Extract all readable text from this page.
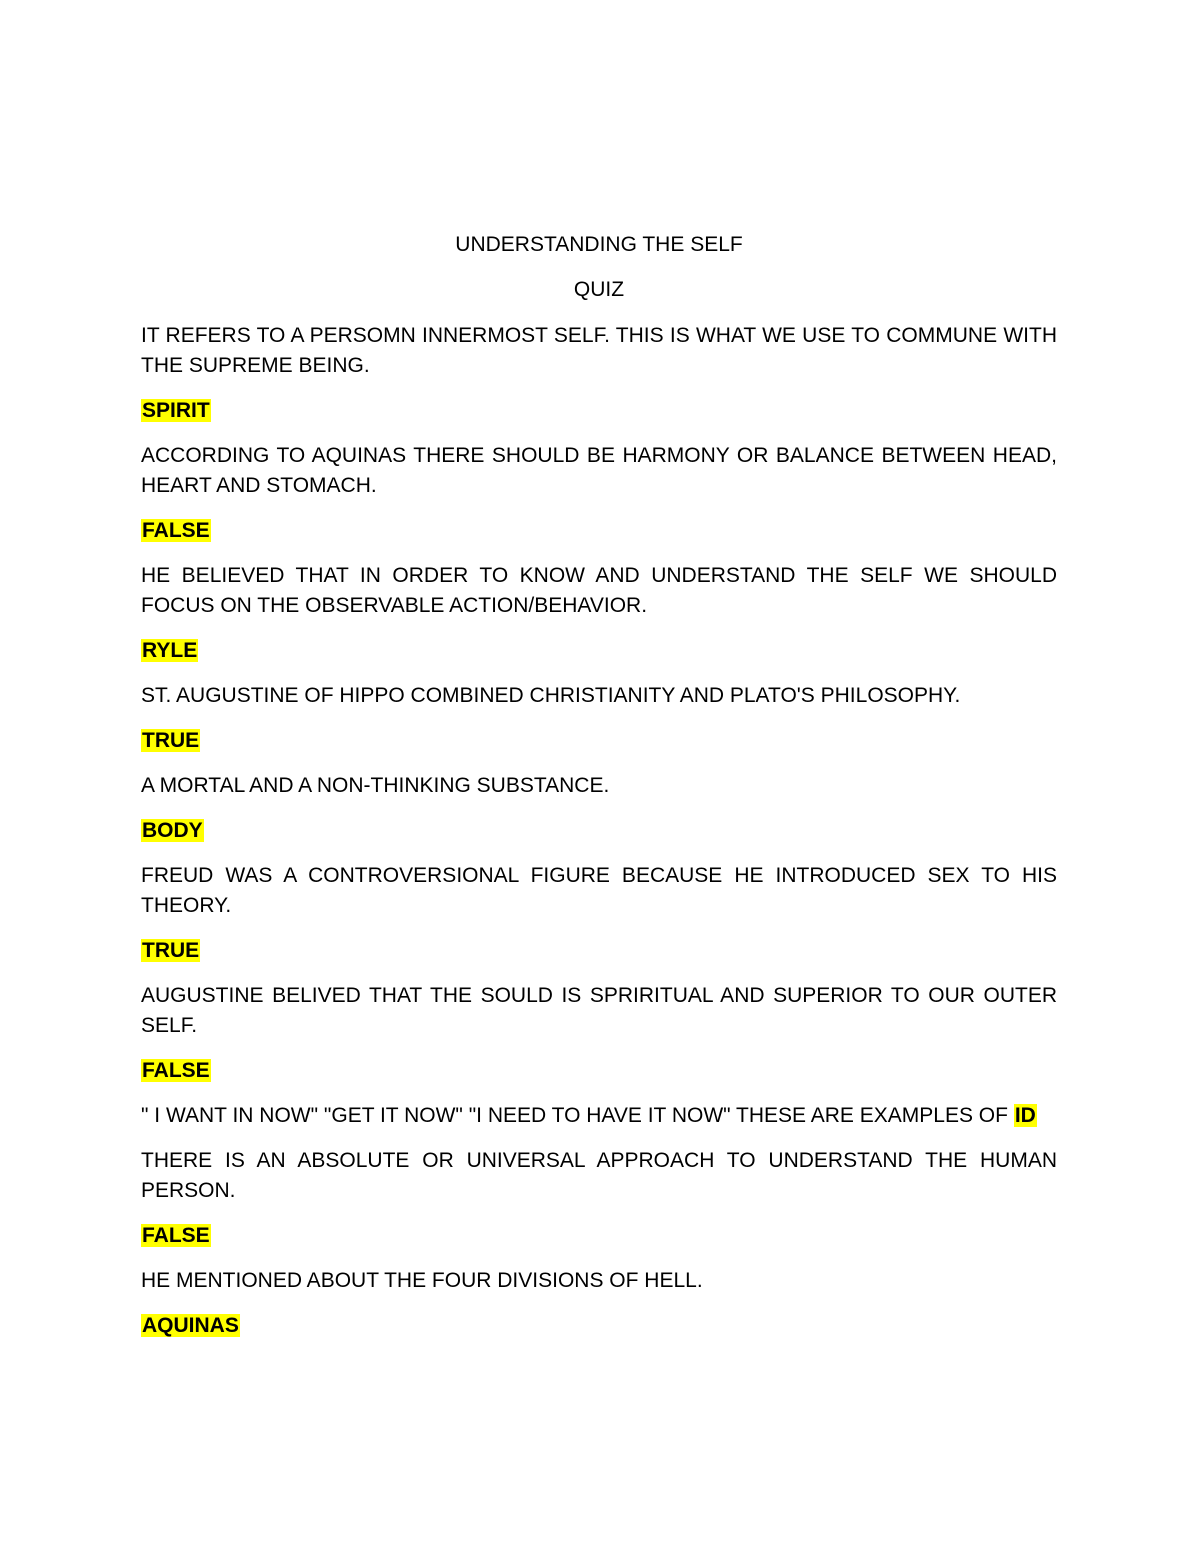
UNDERSTANDING THE SELF
QUIZ
IT REFERS TO A PERSOMN INNERMOST SELF. THIS IS WHAT WE USE TO COMMUNE WITH THE SUPREME BEING.
SPIRIT
ACCORDING TO AQUINAS THERE SHOULD BE HARMONY OR BALANCE BETWEEN HEAD, HEART AND STOMACH.
FALSE
HE BELIEVED THAT IN ORDER TO KNOW AND UNDERSTAND THE SELF WE SHOULD FOCUS ON THE OBSERVABLE ACTION/BEHAVIOR.
RYLE
ST. AUGUSTINE OF HIPPO COMBINED CHRISTIANITY AND PLATO'S PHILOSOPHY.
TRUE
A MORTAL AND A NON-THINKING SUBSTANCE.
BODY
FREUD WAS A CONTROVERSIONAL FIGURE BECAUSE HE INTRODUCED SEX TO HIS THEORY.
TRUE
AUGUSTINE BELIVED THAT THE SOULD IS SPRIRITUAL AND SUPERIOR TO OUR OUTER SELF.
FALSE
" I WANT IN NOW" "GET IT NOW" "I NEED TO HAVE IT NOW" THESE ARE EXAMPLES OF ID
THERE IS AN ABSOLUTE OR UNIVERSAL APPROACH TO UNDERSTAND THE HUMAN PERSON.
FALSE
HE MENTIONED ABOUT THE FOUR DIVISIONS OF HELL.
AQUINAS
